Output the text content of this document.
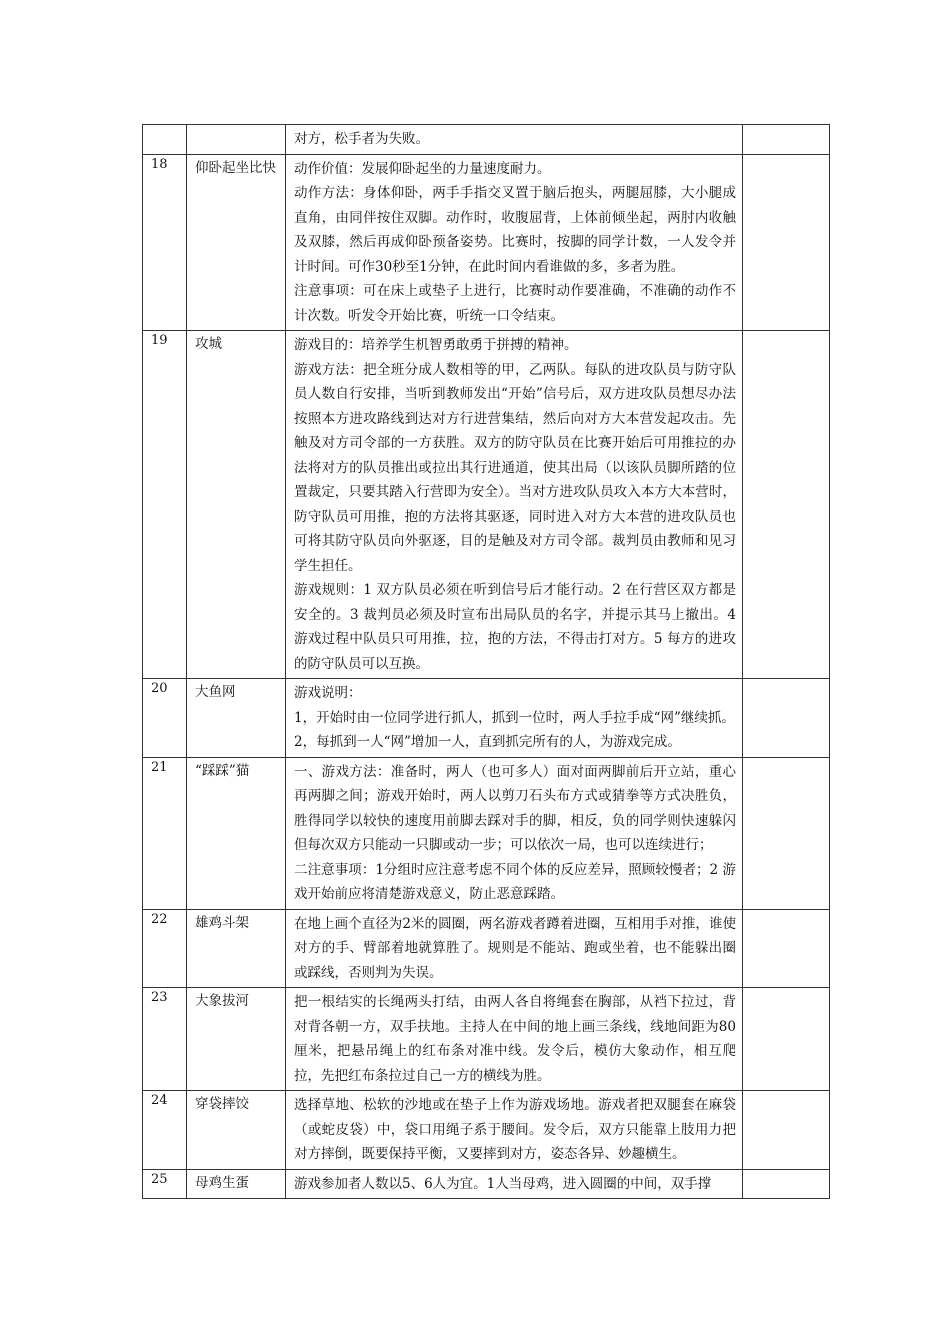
		对方，松手者为失败。	

18	仰卧起坐比快	动作价值：发展仰卧起坐的力量速度耐力。

动作方法：身体仰卧，两手手指交叉置于脑后抱头，两腿屈膝，大小腿成直角，由同伴按住双脚。动作时，收腹屈背，上体前倾坐起，两肘内收触及双膝，然后再成仰卧预备姿势。比赛时，按脚的同学计数，一人发令并计时间。可作30秒至1分钟，在此时间内看谁做的多，多者为胜。

注意事项：可在床上或垫子上进行，比赛时动作要准确，不准确的动作不计次数。听发令开始比赛，听统一口令结束。	

19	攻城	游戏目的：培养学生机智勇敢勇于拼搏的精神。

游戏方法：把全班分成人数相等的甲，乙两队。每队的进攻队员与防守队员人数自行安排，当听到教师发出“开始”信号后，双方进攻队员想尽办法按照本方进攻路线到达对方行进营集结，然后向对方大本营发起攻击。先触及对方司令部的一方获胜。双方的防守队员在比赛开始后可用推拉的办法将对方的队员推出或拉出其行进通道，使其出局（以该队员脚所踏的位置裁定，只要其踏入行营即为安全）。当对方进攻队员攻入本方大本营时，防守队员可用推，抱的方法将其驱逐，同时进入对方大本营的进攻队员也可将其防守队员向外驱逐，目的是触及对方司令部。裁判员由教师和见习学生担任。

游戏规则：1 双方队员必须在听到信号后才能行动。2 在行营区双方都是安全的。3 裁判员必须及时宣布出局队员的名字，并提示其马上撤出。4 游戏过程中队员只可用推，拉，抱的方法，不得击打对方。5 每方的进攻的防守队员可以互换。	

20	大鱼网	游戏说明：

1，开始时由一位同学进行抓人，抓到一位时，两人手拉手成“网”继续抓。

2，每抓到一人“网”增加一人，直到抓完所有的人，为游戏完成。	

21	“踩踩”猫	一、游戏方法：准备时，两人（也可多人）面对面两脚前后开立站，重心再两脚之间；游戏开始时，两人以剪刀石头布方式或猜拳等方式决胜负，胜得同学以较快的速度用前脚去踩对手的脚，相反，负的同学则快速躲闪但每次双方只能动一只脚或动一步；可以依次一局，也可以连续进行；

二注意事项：1分组时应注意考虑不同个体的反应差异，照顾较慢者；2 游戏开始前应将清楚游戏意义，防止恶意踩踏。	

22	雄鸡斗架	在地上画个直径为2米的圆圈，两名游戏者蹲着进圈，互相用手对推，谁使对方的手、臂部着地就算胜了。规则是不能站、跑或坐着，也不能躲出圈或踩线，否则判为失误。	

23	大象拔河	把一根结实的长绳两头打结，由两人各自将绳套在胸部，从裆下拉过，背对背各朝一方，双手扶地。主持人在中间的地上画三条线，线地间距为80厘米，把悬吊绳上的红布条对准中线。发令后，模仿大象动作，相互爬拉，先把红布条拉过自己一方的横线为胜。	

24	穿袋摔饺	选择草地、松软的沙地或在垫子上作为游戏场地。游戏者把双腿套在麻袋（或蛇皮袋）中，袋口用绳子系于腰间。发令后，双方只能靠上肢用力把对方摔倒，既要保持平衡，又要摔到对方，姿态各异、妙趣横生。	

25	母鸡生蛋	游戏参加者人数以5、6人为宜。1人当母鸡，进入圆圈的中间，双手撑	
